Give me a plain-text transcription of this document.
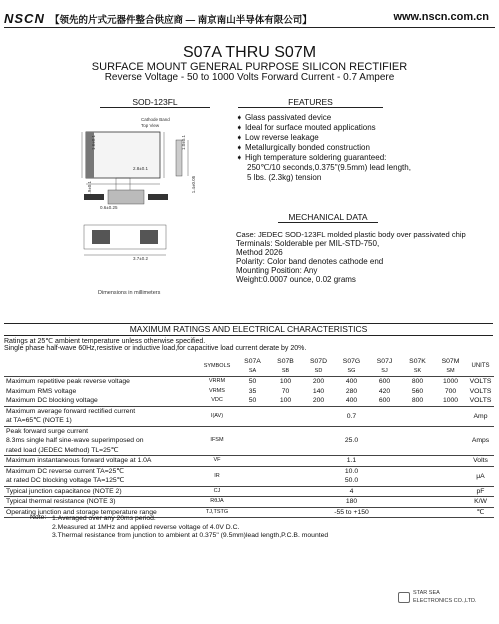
NSCN 【领先的片式元器件整合供应商 — 南京南山半导体有限公司】	www.nscn.com.cn
S07A THRU S07M
SURFACE MOUNT GENERAL PURPOSE SILICON RECTIFIER
Reverse Voltage - 50 to 1000 Volts Forward Current - 0.7 Ampere
SOD-123FL
Cathode Band
Top View
1.6±0.1	1.0±0.1
2.8±0.1
1.9±0.1	1.4±0.05
0.6±0.25
3.7±0.2
Dimensions in millimeters
FEATURES
➧ Glass passivated device
➧ Ideal for surface mouted applications
➧ Low reverse leakage
➧ Metallurgically bonded construction
➧ High temperature soldering guaranteed:
250℃/10 seconds,0.375"(9.5mm) lead length,
5 lbs. (2.3kg) tension
MECHANICAL DATA
Case: JEDEC SOD-123FL molded plastic body over passivated chip
Terminals: Solderable per MIL-STD-750,
Method 2026
Polarity: Color band denotes cathode end
Mounting Position: Any
Weight:0.0007 ounce, 0.02 grams
MAXIMUM RATINGS AND ELECTRICAL CHARACTERISTICS
Ratings at 25℃ ambient temperature unless otherwise specified.
Single phase half-wave 60Hz,resistive or inductive load,for capacitive load current derate by 20%.
	SYMBOLS	S07A	S07B	S07D	S07G	S07J	S07K	S07M	UNITS
		SA	SB	SD	SG	SJ	SK	SM	
Maximum repetitive peak reverse voltage	VRRM	50	100	200	400	600	800	1000	VOLTS
Maximum RMS voltage	VRMS	35	70	140	280	420	560	700	VOLTS
Maximum DC blocking voltage	VDC	50	100	200	400	600	800	1000	VOLTS
Maximum average forward rectified current	I(AV)	0.7							Amp
at TA=65℃ (NOTE 1)									
Peak forward surge current	IFSM	25.0							Amps
8.3ms single half sine-wave superimposed on									
rated load (JEDEC Method) TL=25℃									
Maximum instantaneous forward voltage at 1.0A	VF	1.1							Volts
Maximum DC reverse current TA=25℃	IR	10.0							μA
at rated DC blocking voltage TA=125℃		50.0							
Typical junction capacitance (NOTE 2)	CJ	4							pF
Typical thermal resistance (NOTE 3)	RθJA	180							K/W
Operating junction and storage temperature range	TJ,TSTG	-55 to +150							℃
Note: 1.Averaged over any 20ms period.
2.Measured at 1MHz and applied reverse voltage of 4.0V D.C.
3.Thermal resistance from junction to ambient at 0.375" (9.5mm)lead length,P.C.B. mounted
STAR SEA
ELECTRONICS CO.,LTD.
